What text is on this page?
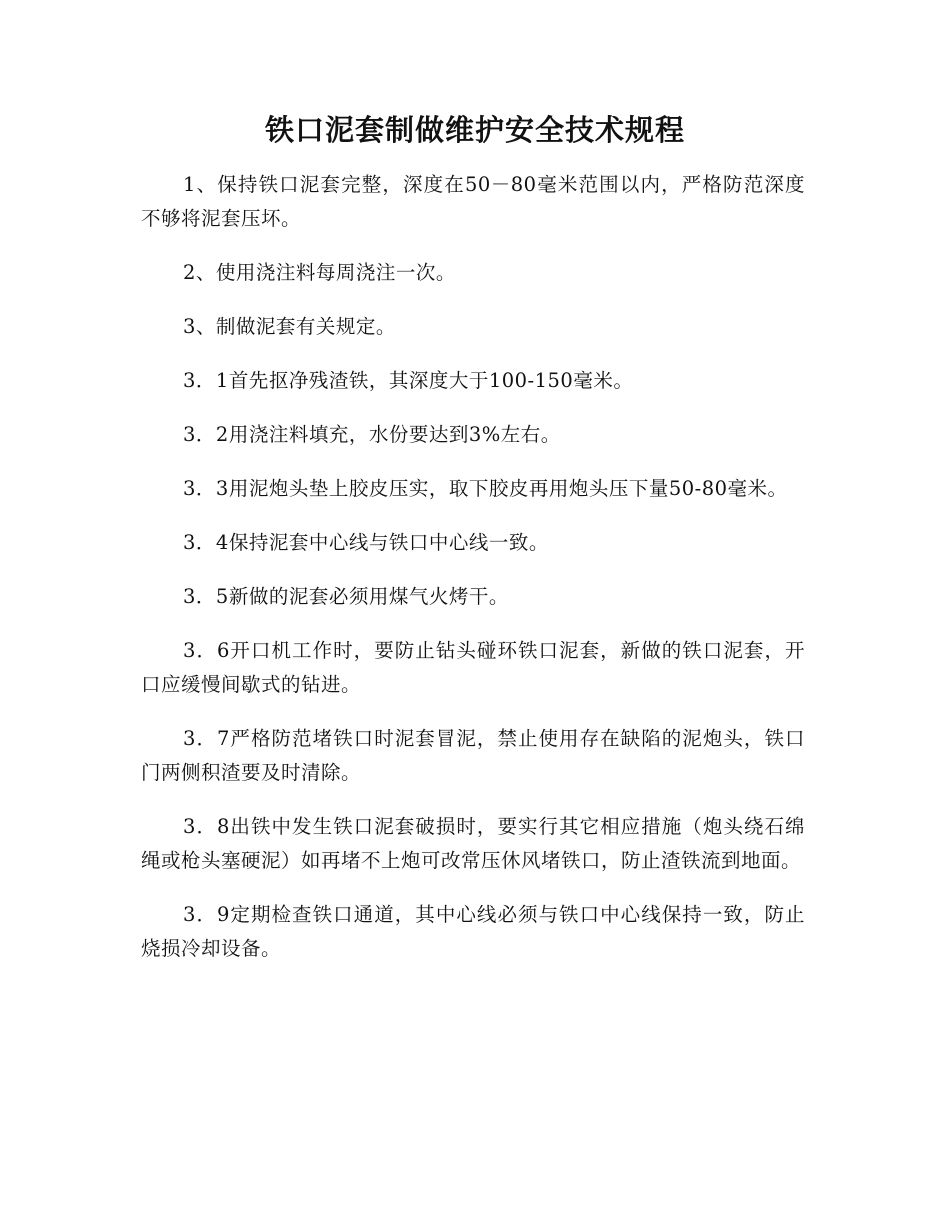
铁口泥套制做维护安全技术规程

1、保持铁口泥套完整，深度在50－80毫米范围以内，严格防范深度不够将泥套压坏。

2、使用浇注料每周浇注一次。

3、制做泥套有关规定。

3．1首先抠净残渣铁，其深度大于100-150毫米。

3．2用浇注料填充，水份要达到3%左右。

3．3用泥炮头垫上胶皮压实，取下胶皮再用炮头压下量50-80毫米。

3．4保持泥套中心线与铁口中心线一致。

3．5新做的泥套必须用煤气火烤干。

3．6开口机工作时，要防止钻头碰环铁口泥套，新做的铁口泥套，开口应缓慢间歇式的钻进。

3．7严格防范堵铁口时泥套冒泥，禁止使用存在缺陷的泥炮头，铁口门两侧积渣要及时清除。

3．8出铁中发生铁口泥套破损时，要实行其它相应措施（炮头绕石绵绳或枪头塞硬泥）如再堵不上炮可改常压休风堵铁口，防止渣铁流到地面。

3．9定期检查铁口通道，其中心线必须与铁口中心线保持一致，防止烧损冷却设备。
